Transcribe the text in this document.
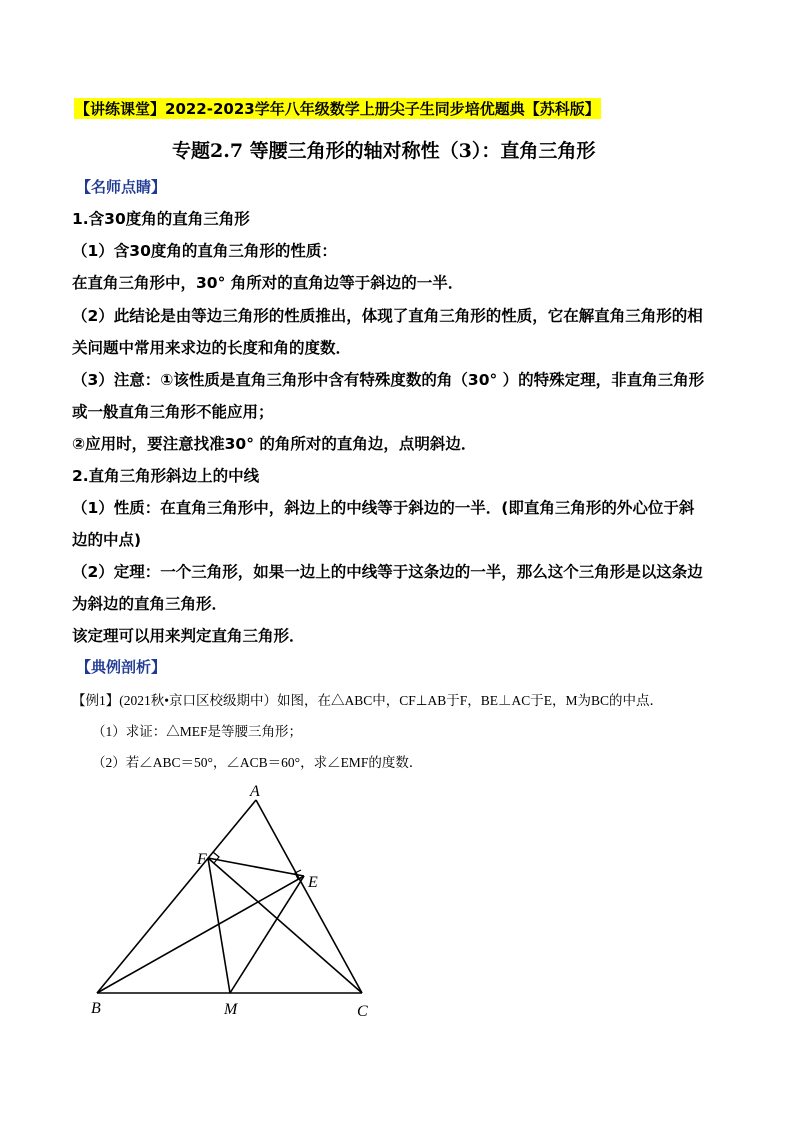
【讲练课堂】2022-2023学年八年级数学上册尖子生同步培优题典【苏科版】
专题2.7 等腰三角形的轴对称性（3）：直角三角形
【名师点睛】
1.含30度角的直角三角形
（1）含30度角的直角三角形的性质：
在直角三角形中，30° 角所对的直角边等于斜边的一半．
（2）此结论是由等边三角形的性质推出，体现了直角三角形的性质，它在解直角三角形的相
关问题中常用来求边的长度和角的度数．
（3）注意：①该性质是直角三角形中含有特殊度数的角（30° ）的特殊定理，非直角三角形
或一般直角三角形不能应用；
②应用时，要注意找准30° 的角所对的直角边，点明斜边．
2.直角三角形斜边上的中线
（1）性质：在直角三角形中，斜边上的中线等于斜边的一半．(即直角三角形的外心位于斜
边的中点)
（2）定理：一个三角形，如果一边上的中线等于这条边的一半，那么这个三角形是以这条边
为斜边的直角三角形．
该定理可以用来判定直角三角形．
【典例剖析】
【例1】(2021秋•京口区校级期中）如图，在△ABC中，CF⊥AB于F，BE⊥AC于E，M为BC的中点．
（1）求证：△MEF是等腰三角形；
（2）若∠ABC＝50°，∠ACB＝60°，求∠EMF的度数．
A
F
E
B	M	C
